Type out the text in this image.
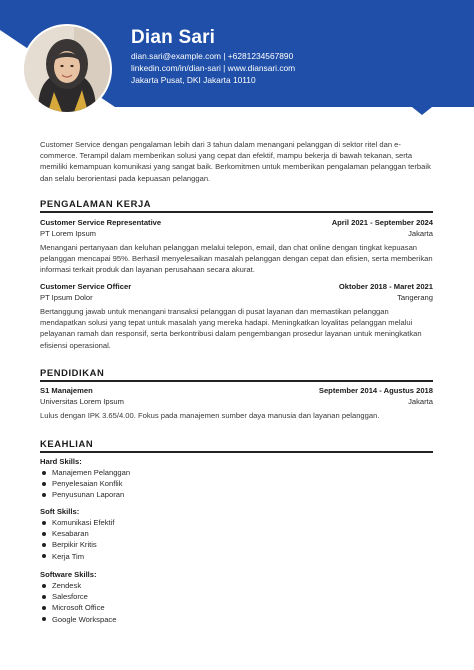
Dian Sari
dian.sari@example.com | +6281234567890
linkedin.com/in/dian-sari | www.diansari.com
Jakarta Pusat, DKI Jakarta 10110

Customer Service dengan pengalaman lebih dari 3 tahun dalam menangani pelanggan di sektor ritel dan e-commerce. Terampil dalam memberikan solusi yang cepat dan efektif, mampu bekerja di bawah tekanan, serta memiliki kemampuan komunikasi yang sangat baik. Berkomitmen untuk memberikan pengalaman pelanggan terbaik dan selalu berorientasi pada kepuasan pelanggan.

PENGALAMAN KERJA
Customer Service Representative	April 2021 - September 2024
PT Lorem Ipsum	Jakarta

Menangani pertanyaan dan keluhan pelanggan melalui telepon, email, dan chat online dengan tingkat kepuasan pelanggan mencapai 95%. Berhasil menyelesaikan masalah pelanggan dengan cepat dan efisien, serta memberikan informasi terkait produk dan layanan perusahaan secara akurat.

Customer Service Officer	Oktober 2018 - Maret 2021
PT Ipsum Dolor	Tangerang

Bertanggung jawab untuk menangani transaksi pelanggan di pusat layanan dan memastikan pelanggan mendapatkan solusi yang tepat untuk masalah yang mereka hadapi. Meningkatkan loyalitas pelanggan melalui pelayanan ramah dan responsif, serta berkontribusi dalam pengembangan prosedur layanan untuk meningkatkan efisiensi operasional.

PENDIDIKAN
S1 Manajemen	September 2014 - Agustus 2018
Universitas Lorem Ipsum	Jakarta

Lulus dengan IPK 3.65/4.00. Fokus pada manajemen sumber daya manusia dan layanan pelanggan.

KEAHLIAN
Hard Skills:
Manajemen Pelanggan
Penyelesaian Konflik
Penyusunan Laporan
Soft Skills:
Komunikasi Efektif
Kesabaran
Berpikir Kritis
Kerja Tim
Software Skills:
Zendesk
Salesforce
Microsoft Office
Google Workspace
